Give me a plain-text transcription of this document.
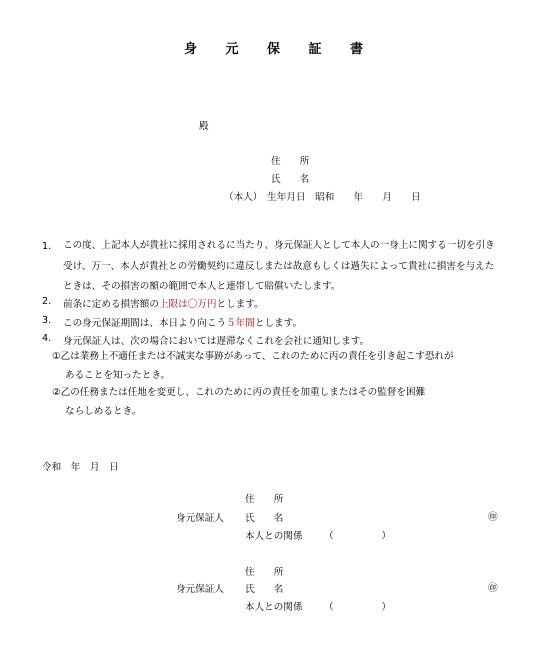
身 元 保 証 書
殿
住　　所
氏　　名
（本人）　生年月日　昭和　　年　　月　　日
1. この度、上記本人が貴社に採用されるに当たり、身元保証人として本人の一身上に関する一切を引き
受け、万一、本人が貴社との労働契約に違反しまたは故意もしくは過失によって貴社に損害を与えた
ときは、その損害の額の範囲で本人と連帯して賠償いたします。
2. 前条に定める損害額の上限は〇万円とします。
3. この身元保証期間は、本日より向こう５年間とします。
4. 身元保証人は、次の場合においては遅滞なくこれを会社に通知します。
①乙は業務上不適任または不誠実な事跡があって、これのために丙の責任を引き起こす恐れが
あることを知ったとき。
②乙の任務または任地を変更し、これのために丙の責任を加重しまたはその監督を困難
ならしめるとき。
令和　年　月　日
住　　所
身元保証人 氏　　名	㊞
本人との関係 （　　　　　）
住　　所
身元保証人 氏　　名	㊞
本人との関係 （　　　　　）
